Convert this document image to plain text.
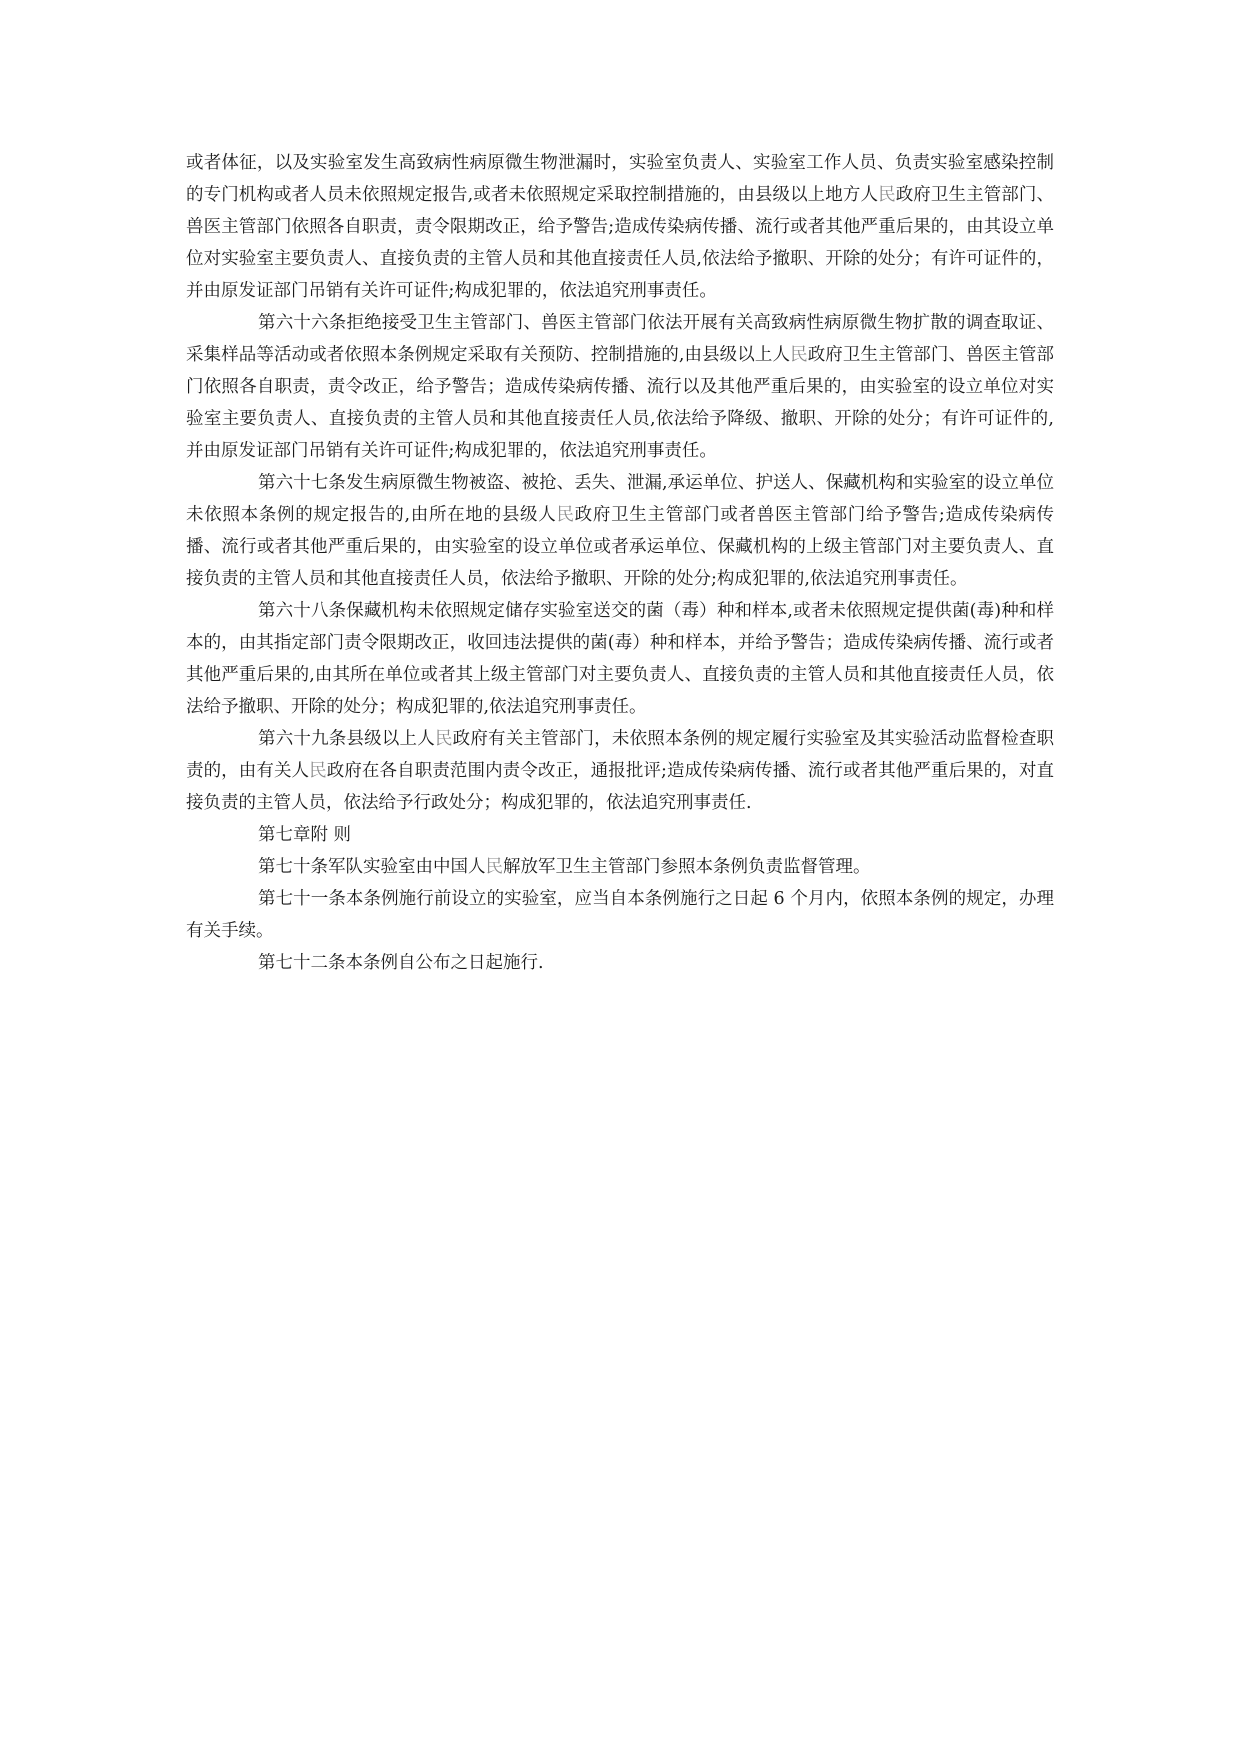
或者体征，以及实验室发生高致病性病原微生物泄漏时，实验室负责人、实验室工作人员、负责实验室感染控制的专门机构或者人员未依照规定报告,或者未依照规定采取控制措施的，由县级以上地方人民政府卫生主管部门、兽医主管部门依照各自职责，责令限期改正，给予警告;造成传染病传播、流行或者其他严重后果的，由其设立单位对实验室主要负责人、直接负责的主管人员和其他直接责任人员,依法给予撤职、开除的处分；有许可证件的，并由原发证部门吊销有关许可证件;构成犯罪的，依法追究刑事责任。

第六十六条拒绝接受卫生主管部门、兽医主管部门依法开展有关高致病性病原微生物扩散的调查取证、采集样品等活动或者依照本条例规定采取有关预防、控制措施的,由县级以上人民政府卫生主管部门、兽医主管部门依照各自职责，责令改正，给予警告；造成传染病传播、流行以及其他严重后果的，由实验室的设立单位对实验室主要负责人、直接负责的主管人员和其他直接责任人员,依法给予降级、撤职、开除的处分；有许可证件的,并由原发证部门吊销有关许可证件;构成犯罪的，依法追究刑事责任。

第六十七条发生病原微生物被盗、被抢、丢失、泄漏,承运单位、护送人、保藏机构和实验室的设立单位未依照本条例的规定报告的,由所在地的县级人民政府卫生主管部门或者兽医主管部门给予警告;造成传染病传播、流行或者其他严重后果的，由实验室的设立单位或者承运单位、保藏机构的上级主管部门对主要负责人、直接负责的主管人员和其他直接责任人员，依法给予撤职、开除的处分;构成犯罪的,依法追究刑事责任。

第六十八条保藏机构未依照规定储存实验室送交的菌（毒）种和样本,或者未依照规定提供菌(毒)种和样本的，由其指定部门责令限期改正，收回违法提供的菌(毒）种和样本，并给予警告；造成传染病传播、流行或者其他严重后果的,由其所在单位或者其上级主管部门对主要负责人、直接负责的主管人员和其他直接责任人员，依法给予撤职、开除的处分；构成犯罪的,依法追究刑事责任。

第六十九条县级以上人民政府有关主管部门，未依照本条例的规定履行实验室及其实验活动监督检查职责的，由有关人民政府在各自职责范围内责令改正，通报批评;造成传染病传播、流行或者其他严重后果的，对直接负责的主管人员，依法给予行政处分；构成犯罪的，依法追究刑事责任.

第七章附 则

第七十条军队实验室由中国人民解放军卫生主管部门参照本条例负责监督管理。

第七十一条本条例施行前设立的实验室，应当自本条例施行之日起 6 个月内，依照本条例的规定，办理有关手续。

第七十二条本条例自公布之日起施行.
